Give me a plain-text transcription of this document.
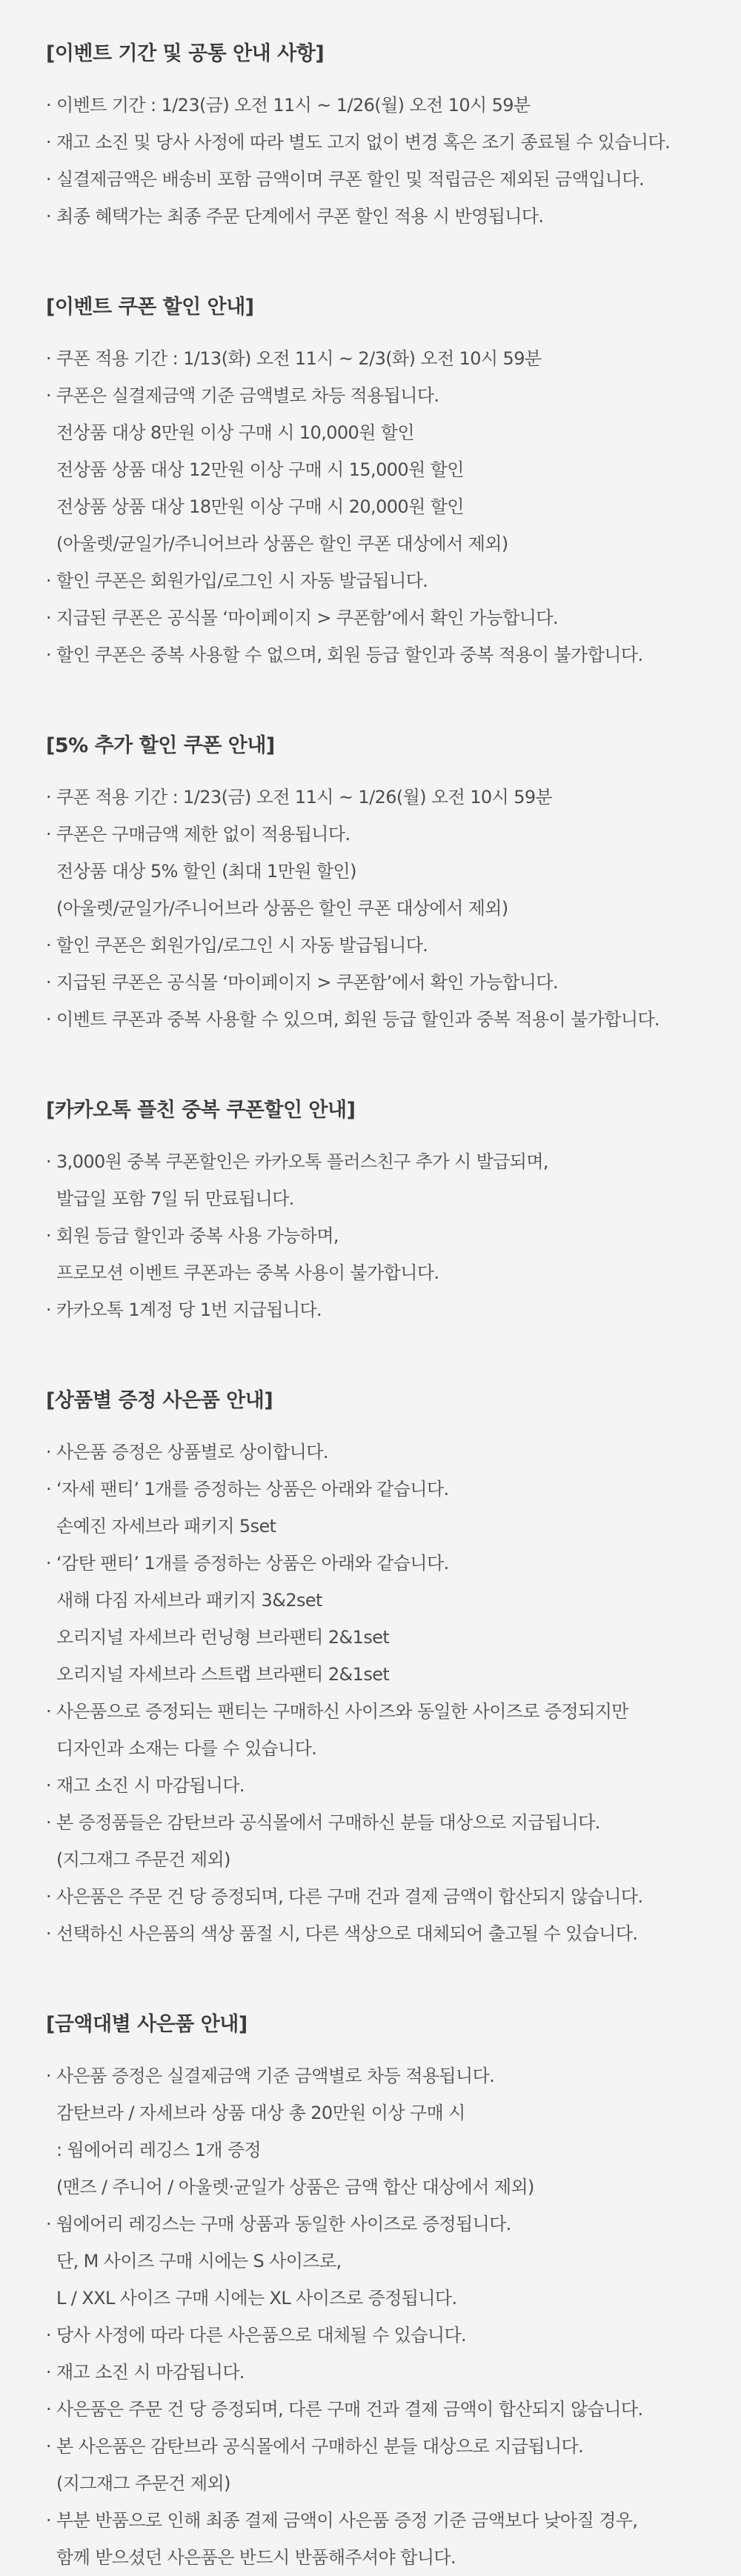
[이벤트 기간 및 공통 안내 사항]
· 이벤트 기간 : 1/23(금) 오전 11시 ~ 1/26(월) 오전 10시 59분
· 재고 소진 및 당사 사정에 따라 별도 고지 없이 변경 혹은 조기 종료될 수 있습니다.
· 실결제금액은 배송비 포함 금액이며 쿠폰 할인 및 적립금은 제외된 금액입니다.
· 최종 혜택가는 최종 주문 단계에서 쿠폰 할인 적용 시 반영됩니다.
[이벤트 쿠폰 할인 안내]
· 쿠폰 적용 기간 : 1/13(화) 오전 11시 ~ 2/3(화) 오전 10시 59분
· 쿠폰은 실결제금액 기준 금액별로 차등 적용됩니다.
전상품 대상 8만원 이상 구매 시 10,000원 할인
전상품 상품 대상 12만원 이상 구매 시 15,000원 할인
전상품 상품 대상 18만원 이상 구매 시 20,000원 할인
(아울렛/균일가/주니어브라 상품은 할인 쿠폰 대상에서 제외)
· 할인 쿠폰은 회원가입/로그인 시 자동 발급됩니다.
· 지급된 쿠폰은 공식몰 ‘마이페이지 > 쿠폰함’에서 확인 가능합니다.
· 할인 쿠폰은 중복 사용할 수 없으며, 회원 등급 할인과 중복 적용이 불가합니다.
[5% 추가 할인 쿠폰 안내]
· 쿠폰 적용 기간 : 1/23(금) 오전 11시 ~ 1/26(월) 오전 10시 59분
· 쿠폰은 구매금액 제한 없이 적용됩니다.
전상품 대상 5% 할인 (최대 1만원 할인)
(아울렛/균일가/주니어브라 상품은 할인 쿠폰 대상에서 제외)
· 할인 쿠폰은 회원가입/로그인 시 자동 발급됩니다.
· 지급된 쿠폰은 공식몰 ‘마이페이지 > 쿠폰함’에서 확인 가능합니다.
· 이벤트 쿠폰과 중복 사용할 수 있으며, 회원 등급 할인과 중복 적용이 불가합니다.
[카카오톡 플친 중복 쿠폰할인 안내]
· 3,000원 중복 쿠폰할인은 카카오톡 플러스친구 추가 시 발급되며,
발급일 포함 7일 뒤 만료됩니다.
· 회원 등급 할인과 중복 사용 가능하며,
프로모션 이벤트 쿠폰과는 중복 사용이 불가합니다.
· 카카오톡 1계정 당 1번 지급됩니다.
[상품별 증정 사은품 안내]
· 사은품 증정은 상품별로 상이합니다.
· ‘자세 팬티’ 1개를 증정하는 상품은 아래와 같습니다.
손예진 자세브라 패키지 5set
· ‘감탄 팬티’ 1개를 증정하는 상품은 아래와 같습니다.
새해 다짐 자세브라 패키지 3&2set
오리지널 자세브라 런닝형 브라팬티 2&1set
오리지널 자세브라 스트랩 브라팬티 2&1set
· 사은품으로 증정되는 팬티는 구매하신 사이즈와 동일한 사이즈로 증정되지만
디자인과 소재는 다를 수 있습니다.
· 재고 소진 시 마감됩니다.
· 본 증정품들은 감탄브라 공식몰에서 구매하신 분들 대상으로 지급됩니다.
(지그재그 주문건 제외)
· 사은품은 주문 건 당 증정되며, 다른 구매 건과 결제 금액이 합산되지 않습니다.
· 선택하신 사은품의 색상 품절 시, 다른 색상으로 대체되어 출고될 수 있습니다.
[금액대별 사은품 안내]
· 사은품 증정은 실결제금액 기준 금액별로 차등 적용됩니다.
감탄브라 / 자세브라 상품 대상 총 20만원 이상 구매 시
: 웜에어리 레깅스 1개 증정
(맨즈 / 주니어 / 아울렛·균일가 상품은 금액 합산 대상에서 제외)
· 웜에어리 레깅스는 구매 상품과 동일한 사이즈로 증정됩니다.
단, M 사이즈 구매 시에는 S 사이즈로,
L / XXL 사이즈 구매 시에는 XL 사이즈로 증정됩니다.
· 당사 사정에 따라 다른 사은품으로 대체될 수 있습니다.
· 재고 소진 시 마감됩니다.
· 사은품은 주문 건 당 증정되며, 다른 구매 건과 결제 금액이 합산되지 않습니다.
· 본 사은품은 감탄브라 공식몰에서 구매하신 분들 대상으로 지급됩니다.
(지그재그 주문건 제외)
· 부분 반품으로 인해 최종 결제 금액이 사은품 증정 기준 금액보다 낮아질 경우,
함께 받으셨던 사은품은 반드시 반품해주셔야 합니다.
